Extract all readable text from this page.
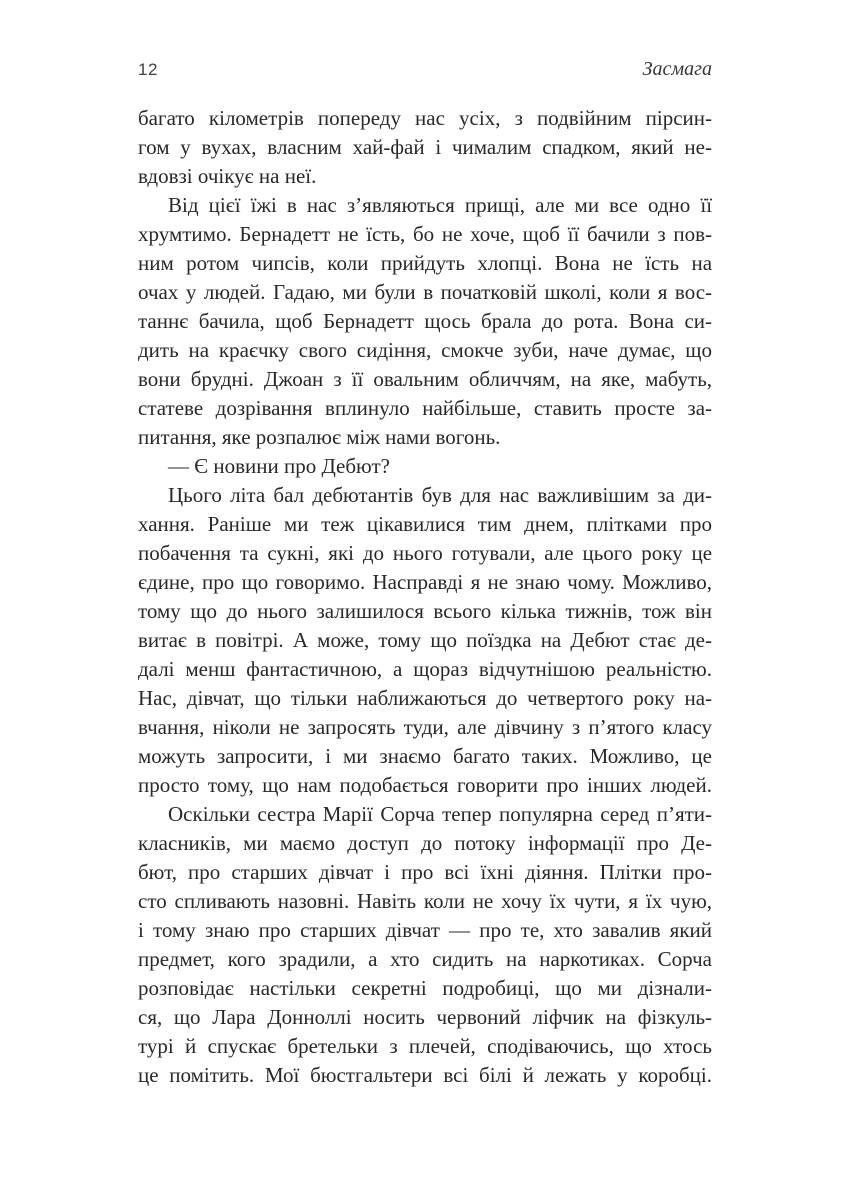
12	Засмага
багато кілометрів попереду нас усіх, з подвійним пірсин-
гом у вухах, власним хай-фай і чималим спадком, який не-
вдовзі очікує на неї.
Від цієї їжі в нас з’являються прищі, але ми все одно її
хрумтимо. Бернадетт не їсть, бо не хоче, щоб її бачили з пов-
ним ротом чипсів, коли прийдуть хлопці. Вона не їсть на
очах у людей. Гадаю, ми були в початковій школі, коли я вос-
таннє бачила, щоб Бернадетт щось брала до рота. Вона си-
дить на краєчку свого сидіння, смокче зуби, наче думає, що
вони брудні. Джоан з її овальним обличчям, на яке, мабуть,
статеве дозрівання вплинуло найбільше, ставить просте за-
питання, яке розпалює між нами вогонь.
— Є новини про Дебют?
Цього літа бал дебютантів був для нас важливішим за ди-
хання. Раніше ми теж цікавилися тим днем, плітками про
побачення та сукні, які до нього готували, але цього року це
єдине, про що говоримо. Насправді я не знаю чому. Можливо,
тому що до нього залишилося всього кілька тижнів, тож він
витає в повітрі. А може, тому що поїздка на Дебют стає де-
далі менш фантастичною, а щораз відчутнішою реальністю.
Нас, дівчат, що тільки наближаються до четвертого року на-
вчання, ніколи не запросять туди, але дівчину з п’ятого класу
можуть запросити, і ми знаємо багато таких. Можливо, це
просто тому, що нам подобається говорити про інших людей.
Оскільки сестра Марії Сорча тепер популярна серед п’яти-
класників, ми маємо доступ до потоку інформації про Де-
бют, про старших дівчат і про всі їхні діяння. Плітки про-
сто спливають назовні. Навіть коли не хочу їх чути, я їх чую,
і тому знаю про старших дівчат — про те, хто завалив який
предмет, кого зрадили, а хто сидить на наркотиках. Сорча
розповідає настільки секретні подробиці, що ми дізнали-
ся, що Лара Донноллі носить червоний ліфчик на фізкуль-
турі й спускає бретельки з плечей, сподіваючись, що хтось
це помітить. Мої бюстгальтери всі білі й лежать у коробці.
